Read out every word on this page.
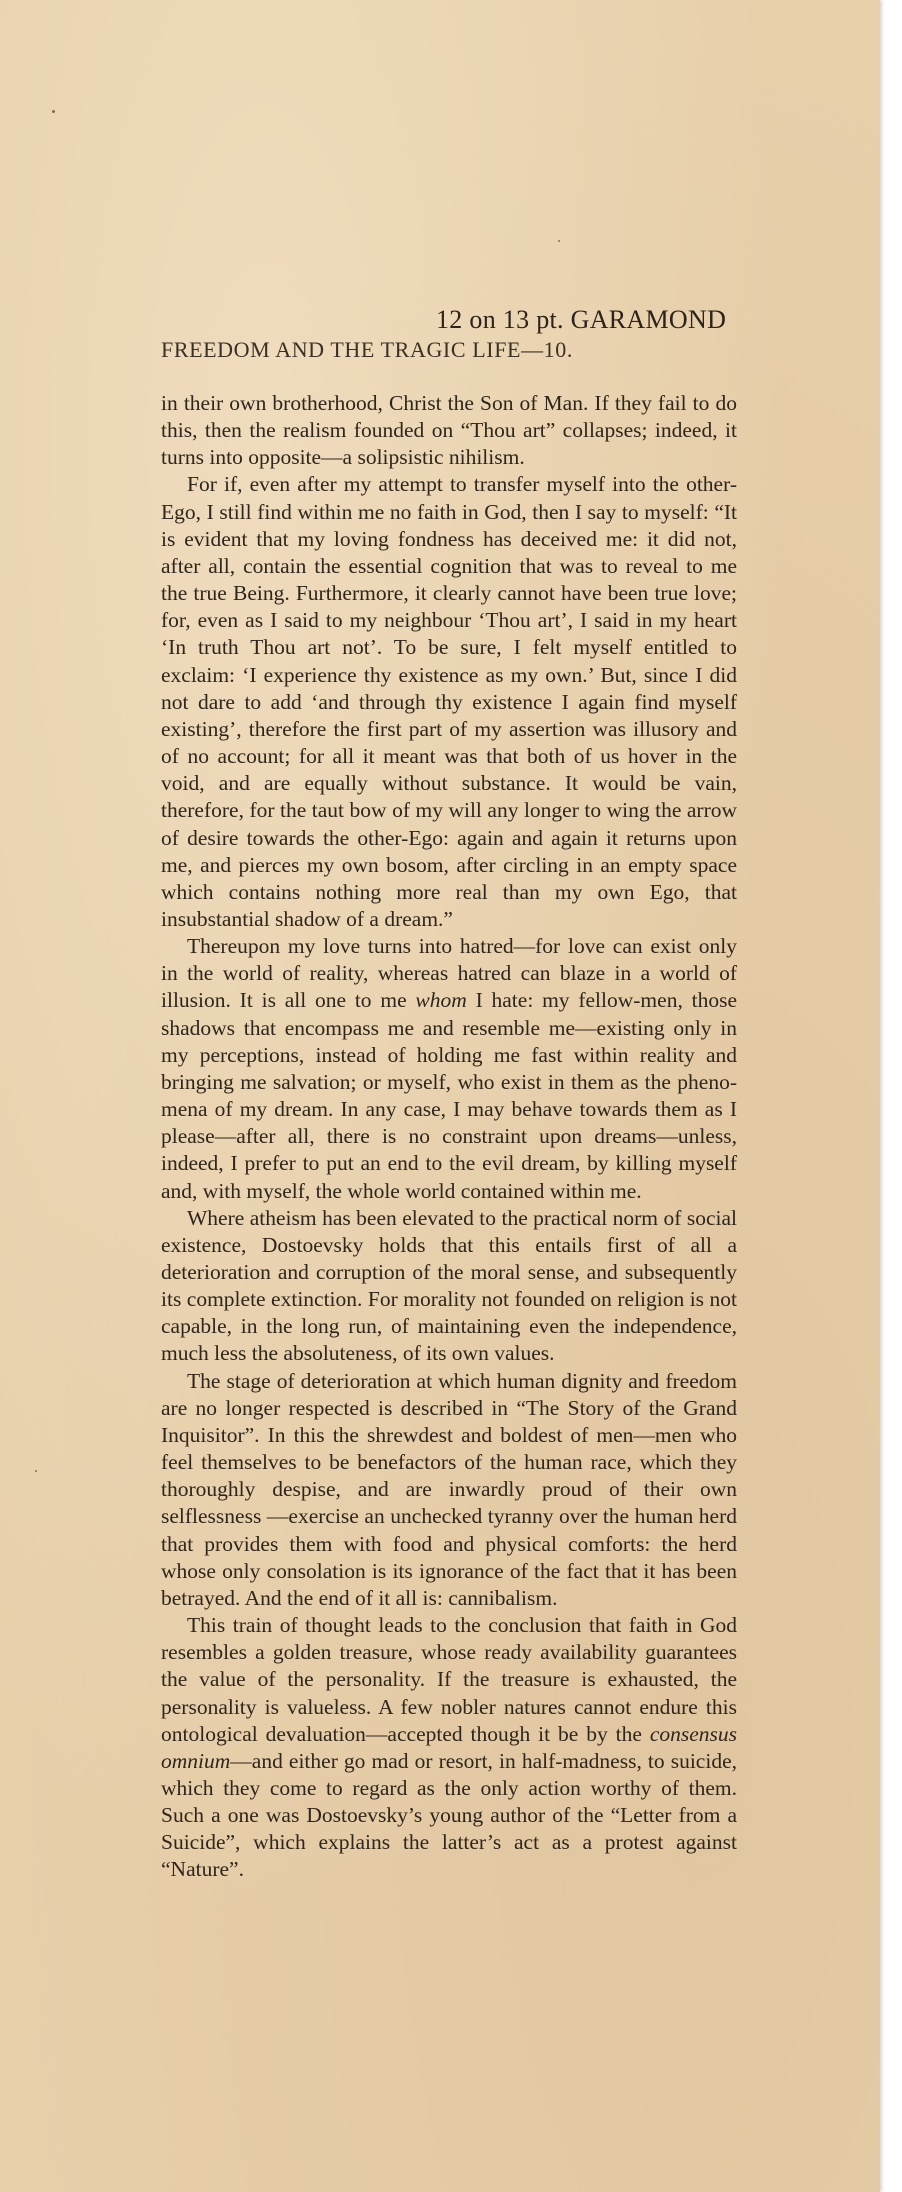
12 on 13 pt. GARAMOND
FREEDOM AND THE TRAGIC LIFE—10.

in their own brotherhood, Christ the Son of Man. If they fail to do this, then the realism founded on “Thou art” collapses; indeed, it turns into opposite—a solipsistic nihilism.

For if, even after my attempt to transfer myself into the other-Ego, I still find within me no faith in God, then I say to myself: “It is evident that my loving fondness has deceived me: it did not, after all, contain the essential cognition that was to reveal to me the true Being. Furthermore, it clearly cannot have been true love; for, even as I said to my neighbour ‘Thou art’, I said in my heart ‘In truth Thou art not’. To be sure, I felt myself entitled to exclaim: ‘I experience thy existence as my own.’ But, since I did not dare to add ‘and through thy existence I again find myself existing’, therefore the first part of my assertion was illusory and of no account; for all it meant was that both of us hover in the void, and are equally without substance. It would be vain, therefore, for the taut bow of my will any longer to wing the arrow of desire towards the other-Ego: again and again it returns upon me, and pierces my own bosom, after circling in an empty space which contains nothing more real than my own Ego, that insubstantial shadow of a dream.”

Thereupon my love turns into hatred—for love can exist only in the world of reality, whereas hatred can blaze in a world of illusion. It is all one to me whom I hate: my fellow-men, those shadows that encompass me and resemble me—existing only in my perceptions, instead of holding me fast within reality and bringing me salvation; or myself, who exist in them as the phenomena of my dream. In any case, I may behave towards them as I please—after all, there is no constraint upon dreams—unless, indeed, I prefer to put an end to the evil dream, by killing myself and, with myself, the whole world contained within me.

Where atheism has been elevated to the practical norm of social existence, Dostoevsky holds that this entails first of all a deterioration and corruption of the moral sense, and subsequently its complete extinction. For morality not founded on religion is not capable, in the long run, of maintaining even the independence, much less the absoluteness, of its own values.

The stage of deterioration at which human dignity and freedom are no longer respected is described in “The Story of the Grand Inquisitor”. In this the shrewdest and boldest of men—men who feel themselves to be benefactors of the human race, which they thoroughly despise, and are inwardly proud of their own selflessness —exercise an unchecked tyranny over the human herd that provides them with food and physical comforts: the herd whose only consolation is its ignorance of the fact that it has been betrayed. And the end of it all is: cannibalism.

This train of thought leads to the conclusion that faith in God resembles a golden treasure, whose ready availability guarantees the value of the personality. If the treasure is exhausted, the personality is valueless. A few nobler natures cannot endure this ontological devaluation—accepted though it be by the consensus omnium—and either go mad or resort, in half-madness, to suicide, which they come to regard as the only action worthy of them. Such a one was Dostoevsky’s young author of the “Letter from a Suicide”, which explains the latter’s act as a protest against “Nature”.
